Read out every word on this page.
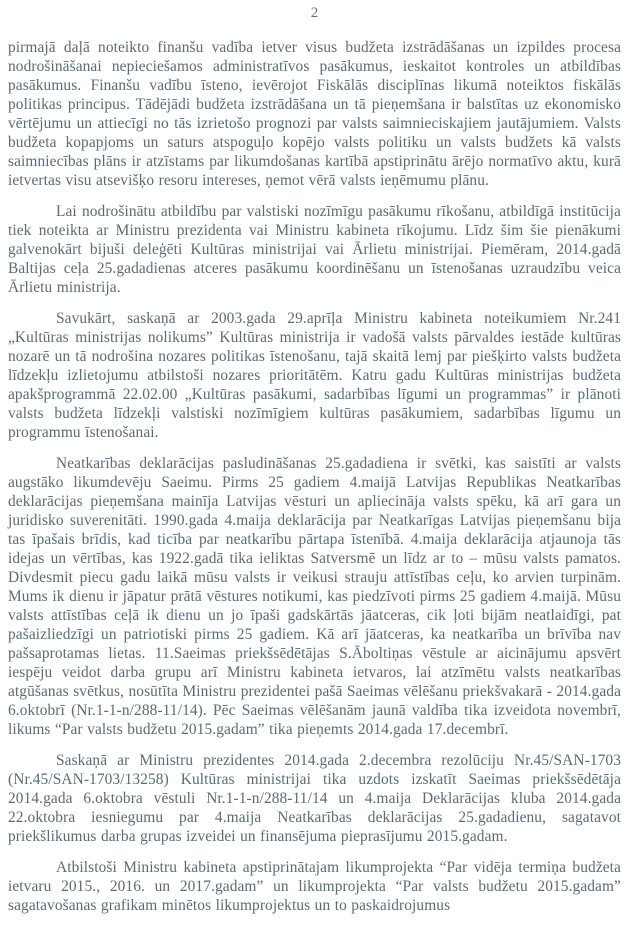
2

pirmajā daļā noteikto finanšu vadība ietver visus budžeta izstrādāšanas un izpildes procesa nodrošināšanai nepieciešamos administratīvos pasākumus, ieskaitot kontroles un atbildības pasākumus. Finanšu vadību īsteno, ievērojot Fiskālās disciplīnas likumā noteiktos fiskālās politikas principus. Tādējādi budžeta izstrādāšana un tā pieņemšana ir balstītas uz ekonomisko vērtējumu un attiecīgi no tās izrietošo prognozi par valsts saimnieciskajiem jautājumiem. Valsts budžeta kopapjoms un saturs atspoguļo kopējo valsts politiku un valsts budžets kā valsts saimniecības plāns ir atzīstams par likumdošanas kartībā apstiprinātu ārējo normatīvo aktu, kurā ietvertas visu atsevišķo resoru intereses, ņemot vērā valsts ieņēmumu plānu.

Lai nodrošinātu atbildību par valstiski nozīmīgu pasākumu rīkošanu, atbildīgā institūcija tiek noteikta ar Ministru prezidenta vai Ministru kabineta rīkojumu. Līdz šim šie pienākumi galvenokārt bijuši deleģēti Kultūras ministrijai vai Ārlietu ministrijai. Piemēram, 2014.gadā Baltijas ceļa 25.gadadienas atceres pasākumu koordinēšanu un īstenošanas uzraudzību veica Ārlietu ministrija.

Savukārt, saskaņā ar 2003.gada 29.aprīļa Ministru kabineta noteikumiem Nr.241 „Kultūras ministrijas nolikums” Kultūras ministrija ir vadošā valsts pārvaldes iestāde kultūras nozarē un tā nodrošina nozares politikas īstenošanu, tajā skaitā lemj par piešķirto valsts budžeta līdzekļu izlietojumu atbilstoši nozares prioritātēm. Katru gadu Kultūras ministrijas budžeta apakšprogrammā 22.02.00 „Kultūras pasākumi, sadarbības līgumi un programmas” ir plānoti valsts budžeta līdzekļi valstiski nozīmīgiem kultūras pasākumiem, sadarbības līgumu un programmu īstenošanai.

Neatkarības deklarācijas pasludināšanas 25.gadadiena ir svētki, kas saistīti ar valsts augstāko likumdevēju Saeimu. Pirms 25 gadiem 4.maijā Latvijas Republikas Neatkarības deklarācijas pieņemšana mainīja Latvijas vēsturi un apliecināja valsts spēku, kā arī gara un juridisko suverenitāti. 1990.gada 4.maija deklarācija par Neatkarīgas Latvijas pieņemšanu bija tas īpašais brīdis, kad ticība par neatkarību pārtapa īstenībā. 4.maija deklarācija atjaunoja tās idejas un vērtības, kas 1922.gadā tika ieliktas Satversmē un līdz ar to – mūsu valsts pamatos. Divdesmit piecu gadu laikā mūsu valsts ir veikusi strauju attīstības ceļu, ko arvien turpinām. Mums ik dienu ir jāpatur prātā vēstures notikumi, kas piedzīvoti pirms 25 gadiem 4.maijā. Mūsu valsts attīstības ceļā ik dienu un jo īpaši gadskārtās jāatceras, cik ļoti bijām neatlaidīgi, pat pašaizliedzīgi un patriotiski pirms 25 gadiem. Kā arī jāatceras, ka neatkarība un brīvība nav pašsaprotamas lietas. 11.Saeimas priekšsēdētājas S.Āboltiņas vēstule ar aicinājumu apsvērt iespēju veidot darba grupu arī Ministru kabineta ietvaros, lai atzīmētu valsts neatkarības atgūšanas svētkus, nosūtīta Ministru prezidentei pašā Saeimas vēlēšanu priekšvakarā - 2014.gada 6.oktobrī (Nr.1-1-n/288-11/14). Pēc Saeimas vēlēšanām jaunā valdība tika izveidota novembrī, likums “Par valsts budžetu 2015.gadam” tika pieņemts 2014.gada 17.decembrī.

Saskaņā ar Ministru prezidentes 2014.gada 2.decembra rezolūciju Nr.45/SAN-1703 (Nr.45/SAN-1703/13258) Kultūras ministrijai tika uzdots izskatīt Saeimas priekšsēdētāja 2014.gada 6.oktobra vēstuli Nr.1-1-n/288-11/14 un 4.maija Deklarācijas kluba 2014.gada 22.oktobra iesniegumu par 4.maija Neatkarības deklarācijas 25.gadadienu, sagatavot priekšlikumus darba grupas izveidei un finansējuma pieprasījumu 2015.gadam.

Atbilstoši Ministru kabineta apstiprinātajam likumprojekta “Par vidēja termiņa budžeta ietvaru 2015., 2016. un 2017.gadam” un likumprojekta “Par valsts budžetu 2015.gadam” sagatavošanas grafikam minētos likumprojektus un to paskaidrojumus
